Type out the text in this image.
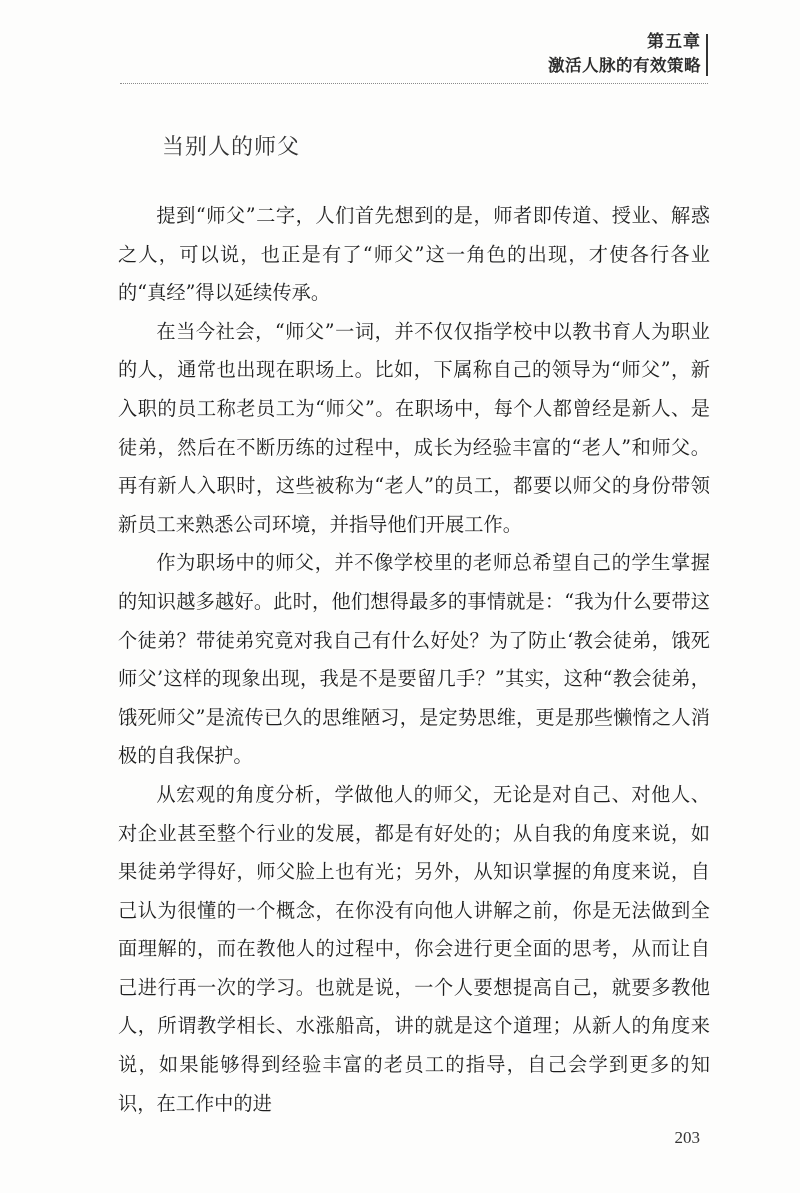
第五章
激活人脉的有效策略
当别人的师父

提到“师父”二字，人们首先想到的是，师者即传道、授业、解惑之人，可以说，也正是有了“师父”这一角色的出现，才使各行各业的“真经”得以延续传承。

在当今社会，“师父”一词，并不仅仅指学校中以教书育人为职业的人，通常也出现在职场上。比如，下属称自己的领导为“师父”，新入职的员工称老员工为“师父”。在职场中，每个人都曾经是新人、是徒弟，然后在不断历练的过程中，成长为经验丰富的“老人”和师父。再有新人入职时，这些被称为“老人”的员工，都要以师父的身份带领新员工来熟悉公司环境，并指导他们开展工作。

作为职场中的师父，并不像学校里的老师总希望自己的学生掌握的知识越多越好。此时，他们想得最多的事情就是：“我为什么要带这个徒弟？带徒弟究竟对我自己有什么好处？为了防止‘教会徒弟，饿死师父’这样的现象出现，我是不是要留几手？”其实，这种“教会徒弟，饿死师父”是流传已久的思维陋习，是定势思维，更是那些懒惰之人消极的自我保护。

从宏观的角度分析，学做他人的师父，无论是对自己、对他人、对企业甚至整个行业的发展，都是有好处的；从自我的角度来说，如果徒弟学得好，师父脸上也有光；另外，从知识掌握的角度来说，自己认为很懂的一个概念，在你没有向他人讲解之前，你是无法做到全面理解的，而在教他人的过程中，你会进行更全面的思考，从而让自己进行再一次的学习。也就是说，一个人要想提高自己，就要多教他人，所谓教学相长、水涨船高，讲的就是这个道理；从新人的角度来说，如果能够得到经验丰富的老员工的指导，自己会学到更多的知识，在工作中的进

203
